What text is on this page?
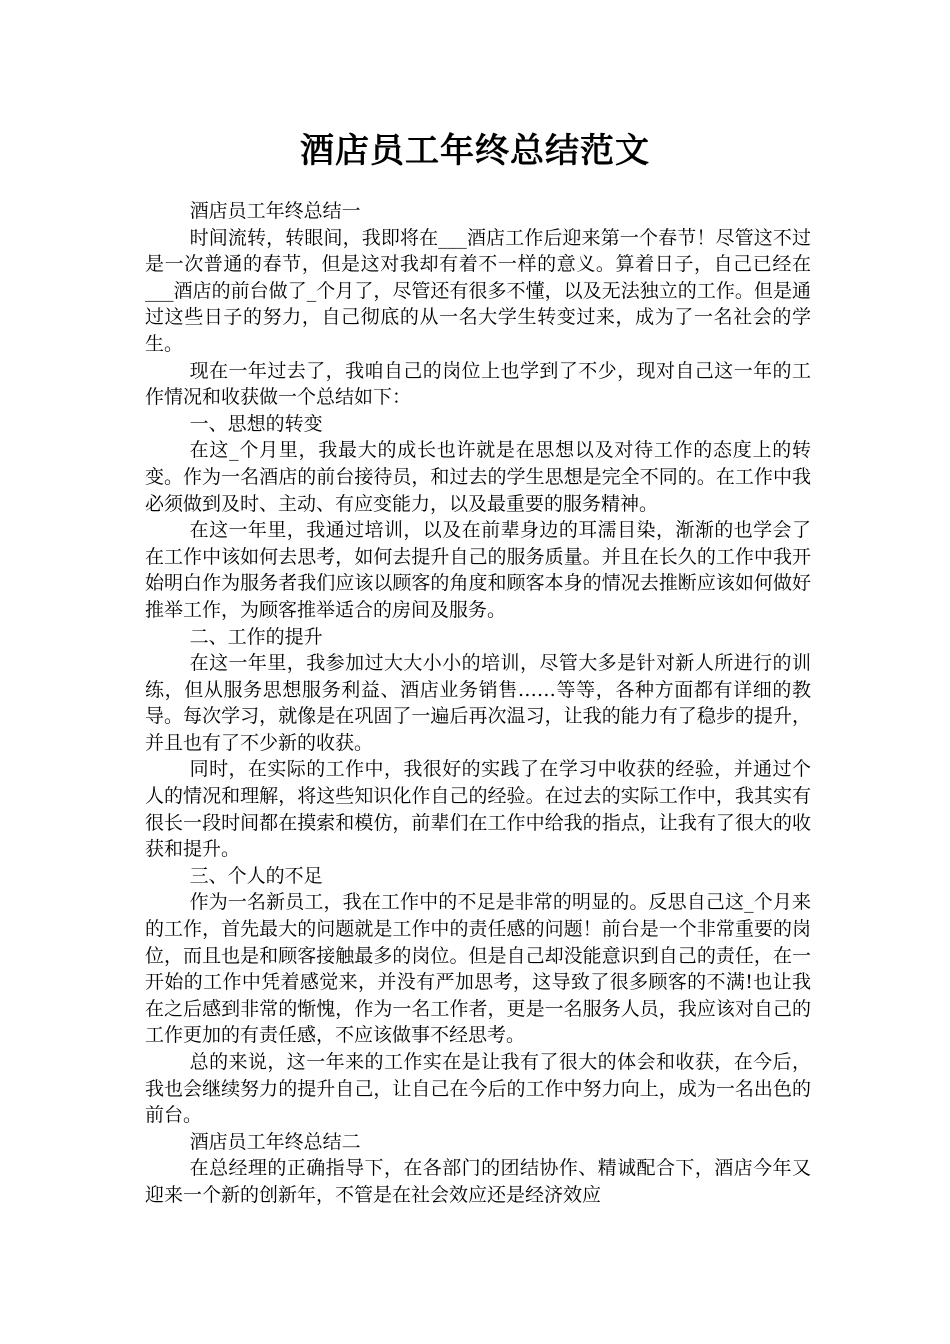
酒店员工年终总结范文

酒店员工年终总结一

时间流转，转眼间，我即将在___酒店工作后迎来第一个春节！尽管这不过是一次普通的春节，但是这对我却有着不一样的意义。算着日子，自己已经在___酒店的前台做了_个月了，尽管还有很多不懂，以及无法独立的工作。但是通过这些日子的努力，自己彻底的从一名大学生转变过来，成为了一名社会的学生。

现在一年过去了，我咱自己的岗位上也学到了不少，现对自己这一年的工作情况和收获做一个总结如下：

一、思想的转变

在这_个月里，我最大的成长也许就是在思想以及对待工作的态度上的转变。作为一名酒店的前台接待员，和过去的学生思想是完全不同的。在工作中我必须做到及时、主动、有应变能力，以及最重要的服务精神。

在这一年里，我通过培训，以及在前辈身边的耳濡目染，渐渐的也学会了在工作中该如何去思考，如何去提升自己的服务质量。并且在长久的工作中我开始明白作为服务者我们应该以顾客的角度和顾客本身的情况去推断应该如何做好推举工作，为顾客推举适合的房间及服务。

二、工作的提升

在这一年里，我参加过大大小小的培训，尽管大多是针对新人所进行的训练，但从服务思想服务利益、酒店业务销售……等等，各种方面都有详细的教导。每次学习，就像是在巩固了一遍后再次温习，让我的能力有了稳步的提升，并且也有了不少新的收获。

同时，在实际的工作中，我很好的实践了在学习中收获的经验，并通过个人的情况和理解，将这些知识化作自己的经验。在过去的实际工作中，我其实有很长一段时间都在摸索和模仿，前辈们在工作中给我的指点，让我有了很大的收获和提升。

三、个人的不足

作为一名新员工，我在工作中的不足是非常的明显的。反思自己这_个月来的工作，首先最大的问题就是工作中的责任感的问题！前台是一个非常重要的岗位，而且也是和顾客接触最多的岗位。但是自己却没能意识到自己的责任，在一开始的工作中凭着感觉来，并没有严加思考，这导致了很多顾客的不满!也让我在之后感到非常的惭愧，作为一名工作者，更是一名服务人员，我应该对自己的工作更加的有责任感，不应该做事不经思考。

总的来说，这一年来的工作实在是让我有了很大的体会和收获，在今后，我也会继续努力的提升自己，让自己在今后的工作中努力向上，成为一名出色的前台。

酒店员工年终总结二

在总经理的正确指导下，在各部门的团结协作、精诚配合下，酒店今年又迎来一个新的创新年，不管是在社会效应还是经济效应
